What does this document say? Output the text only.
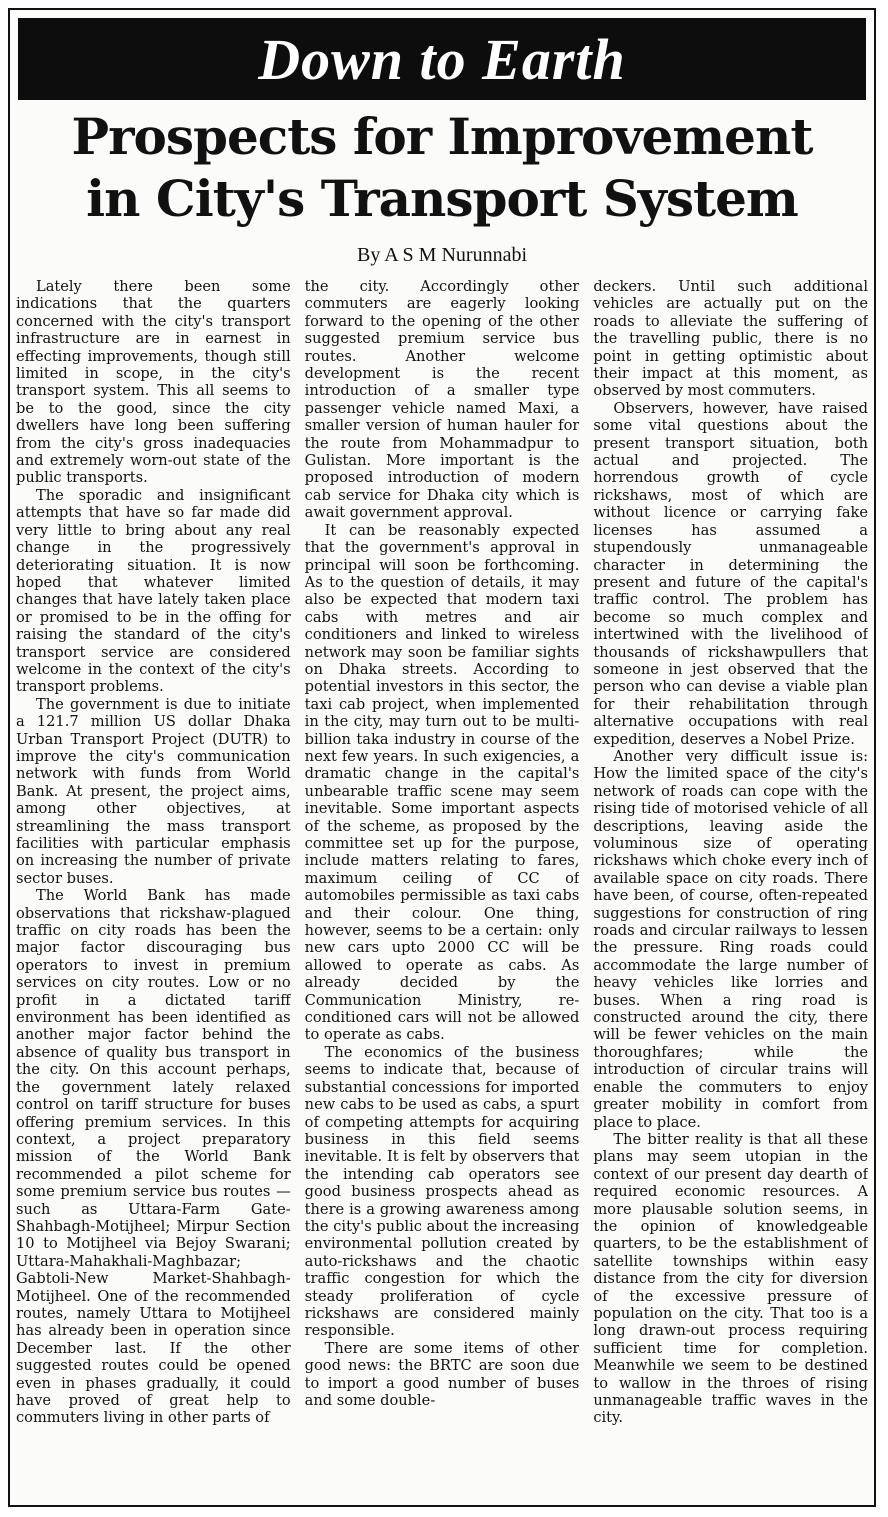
Down to Earth
Prospects for Improvement
in City's Transport System
By A S M Nurunnabi

Lately there been some indications that the quarters concerned with the city's transport infrastructure are in earnest in effecting improvements, though still limited in scope, in the city's transport system. This all seems to be to the good, since the city dwellers have long been suffering from the city's gross inadequacies and extremely worn-out state of the public transports.

The sporadic and insignificant attempts that have so far made did very little to bring about any real change in the progressively deteriorating situation. It is now hoped that whatever limited changes that have lately taken place or promised to be in the offing for raising the standard of the city's transport service are considered welcome in the context of the city's transport problems.

The government is due to initiate a 121.7 million US dollar Dhaka Urban Transport Project (DUTR) to improve the city's communication network with funds from World Bank. At present, the project aims, among other objectives, at streamlining the mass transport facilities with particular emphasis on increasing the number of private sector buses.

The World Bank has made observations that rickshaw-plagued traffic on city roads has been the major factor discouraging bus operators to invest in premium services on city routes. Low or no profit in a dictated tariff environment has been identified as another major factor behind the absence of quality bus transport in the city. On this account perhaps, the government lately relaxed control on tariff structure for buses offering premium services. In this context, a project preparatory mission of the World Bank recommended a pilot scheme for some premium service bus routes — such as Uttara-Farm Gate-Shahbagh-Motijheel; Mirpur Section 10 to Motijheel via Bejoy Swarani; Uttara-Mahakhali-Maghbazar; Gabtoli-New Market-Shahbagh-Motijheel. One of the recommended routes, namely Uttara to Motijheel has already been in operation since December last. If the other suggested routes could be opened even in phases gradually, it could have proved of great help to commuters living in other parts of

the city. Accordingly other commuters are eagerly looking forward to the opening of the other suggested premium service bus routes. Another welcome development is the recent introduction of a smaller type passenger vehicle named Maxi, a smaller version of human hauler for the route from Mohammadpur to Gulistan. More important is the proposed introduction of modern cab service for Dhaka city which is await government approval.

It can be reasonably expected that the government's approval in principal will soon be forthcoming. As to the question of details, it may also be expected that modern taxi cabs with metres and air conditioners and linked to wireless network may soon be familiar sights on Dhaka streets. According to potential investors in this sector, the taxi cab project, when implemented in the city, may turn out to be multi-billion taka industry in course of the next few years. In such exigencies, a dramatic change in the capital's unbearable traffic scene may seem inevitable. Some important aspects of the scheme, as proposed by the committee set up for the purpose, include matters relating to fares, maximum ceiling of CC of automobiles permissible as taxi cabs and their colour. One thing, however, seems to be a certain: only new cars upto 2000 CC will be allowed to operate as cabs. As already decided by the Communication Ministry, re-conditioned cars will not be allowed to operate as cabs.

The economics of the business seems to indicate that, because of substantial concessions for imported new cabs to be used as cabs, a spurt of competing attempts for acquiring business in this field seems inevitable. It is felt by observers that the intending cab operators see good business prospects ahead as there is a growing awareness among the city's public about the increasing environmental pollution created by auto-rickshaws and the chaotic traffic congestion for which the steady proliferation of cycle rickshaws are considered mainly responsible.

There are some items of other good news: the BRTC are soon due to import a good number of buses and some double-

deckers. Until such additional vehicles are actually put on the roads to alleviate the suffering of the travelling public, there is no point in getting optimistic about their impact at this moment, as observed by most commuters.

Observers, however, have raised some vital questions about the present transport situation, both actual and projected. The horrendous growth of cycle rickshaws, most of which are without licence or carrying fake licenses has assumed a stupendously unmanageable character in determining the present and future of the capital's traffic control. The problem has become so much complex and intertwined with the livelihood of thousands of rickshawpullers that someone in jest observed that the person who can devise a viable plan for their rehabilitation through alternative occupations with real expedition, deserves a Nobel Prize.

Another very difficult issue is: How the limited space of the city's network of roads can cope with the rising tide of motorised vehicle of all descriptions, leaving aside the voluminous size of operating rickshaws which choke every inch of available space on city roads. There have been, of course, often-repeated suggestions for construction of ring roads and circular railways to lessen the pressure. Ring roads could accommodate the large number of heavy vehicles like lorries and buses. When a ring road is constructed around the city, there will be fewer vehicles on the main thoroughfares; while the introduction of circular trains will enable the commuters to enjoy greater mobility in comfort from place to place.

The bitter reality is that all these plans may seem utopian in the context of our present day dearth of required economic resources. A more plausable solution seems, in the opinion of knowledgeable quarters, to be the establishment of satellite townships within easy distance from the city for diversion of the excessive pressure of population on the city. That too is a long drawn-out process requiring sufficient time for completion. Meanwhile we seem to be destined to wallow in the throes of rising unmanageable traffic waves in the city.
